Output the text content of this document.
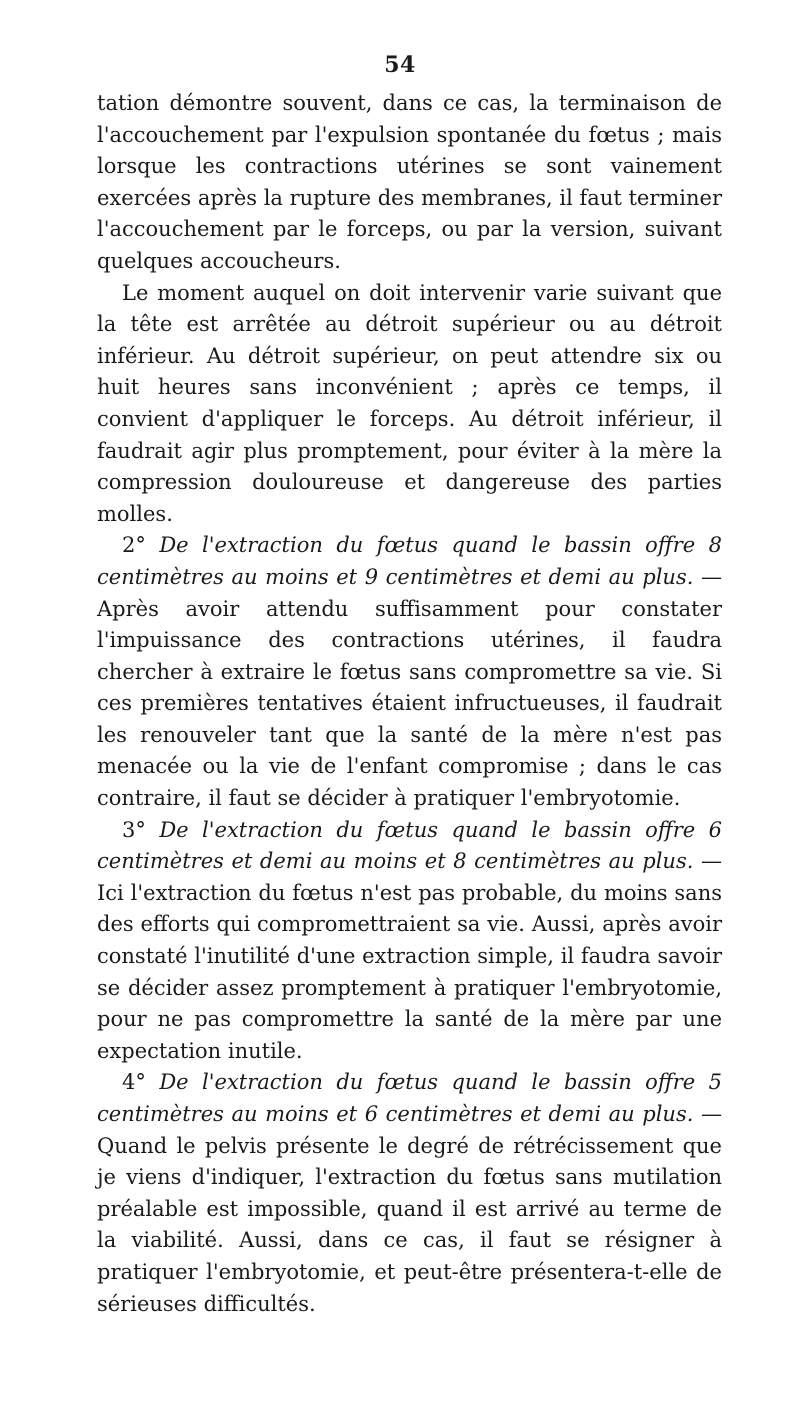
54

tation démontre souvent, dans ce cas, la terminaison de l'accouchement par l'expulsion spontanée du fœtus ; mais lorsque les contractions utérines se sont vainement exercées après la rupture des membranes, il faut terminer l'accouchement par le forceps, ou par la version, suivant quelques accoucheurs.

Le moment auquel on doit intervenir varie suivant que la tête est arrêtée au détroit supérieur ou au détroit inférieur. Au détroit supérieur, on peut attendre six ou huit heures sans inconvénient ; après ce temps, il convient d'appliquer le forceps. Au détroit inférieur, il faudrait agir plus promptement, pour éviter à la mère la compression douloureuse et dangereuse des parties molles.

2° De l'extraction du fœtus quand le bassin offre 8 centimètres au moins et 9 centimètres et demi au plus. — Après avoir attendu suffisamment pour constater l'impuissance des contractions utérines, il faudra chercher à extraire le fœtus sans compromettre sa vie. Si ces premières tentatives étaient infructueuses, il faudrait les renouveler tant que la santé de la mère n'est pas menacée ou la vie de l'enfant compromise ; dans le cas contraire, il faut se décider à pratiquer l'embryotomie.

3° De l'extraction du fœtus quand le bassin offre 6 centimètres et demi au moins et 8 centimètres au plus. — Ici l'extraction du fœtus n'est pas probable, du moins sans des efforts qui compromettraient sa vie. Aussi, après avoir constaté l'inutilité d'une extraction simple, il faudra savoir se décider assez promptement à pratiquer l'embryotomie, pour ne pas compromettre la santé de la mère par une expectation inutile.

4° De l'extraction du fœtus quand le bassin offre 5 centimètres au moins et 6 centimètres et demi au plus. — Quand le pelvis présente le degré de rétrécissement que je viens d'indiquer, l'extraction du fœtus sans mutilation préalable est impossible, quand il est arrivé au terme de la viabilité. Aussi, dans ce cas, il faut se résigner à pratiquer l'embryotomie, et peut-être présentera-t-elle de sérieuses difficultés.
